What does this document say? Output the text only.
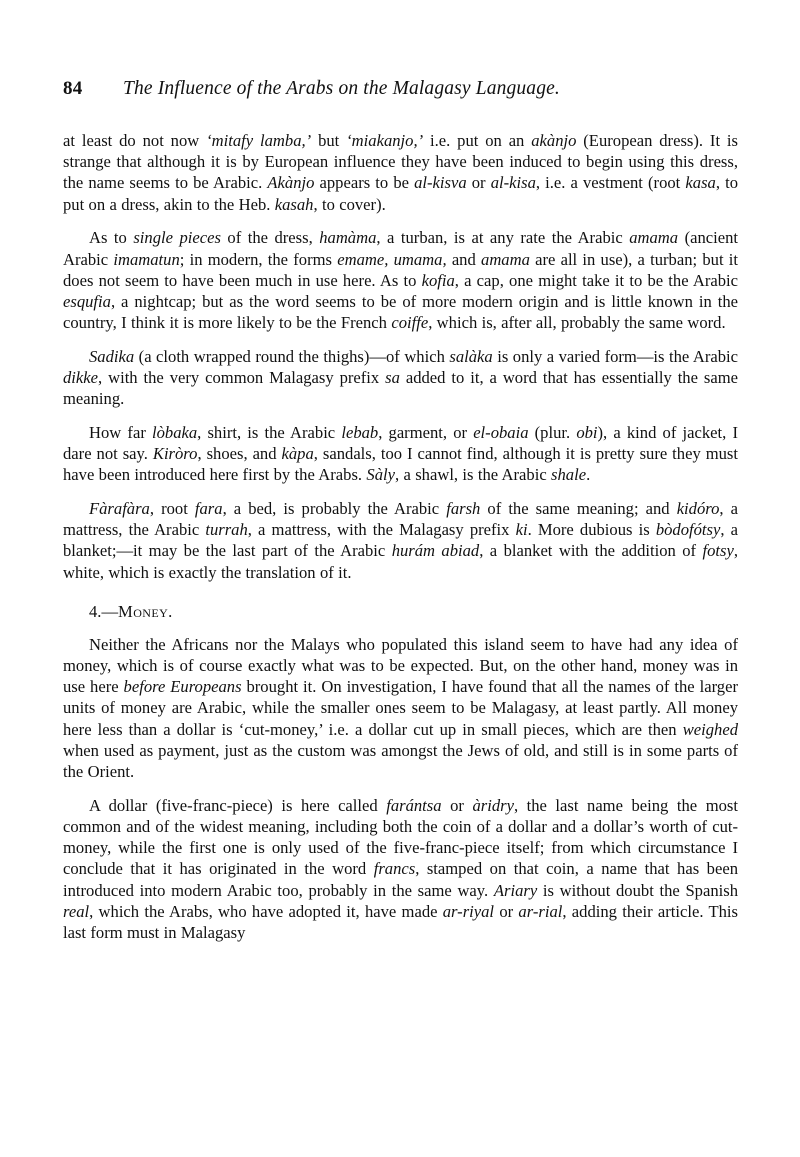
84	The Influence of the Arabs on the Malagasy Language.

at least do not now ‘mitafy lamba,’ but ‘miakanjo,’ i.e. put on an akànjo (European dress). It is strange that although it is by European influence they have been induced to begin using this dress, the name seems to be Arabic. Akànjo appears to be al-kisva or al-kisa, i.e. a vestment (root kasa, to put on a dress, akin to the Heb. kasah, to cover).

As to single pieces of the dress, hamàma, a turban, is at any rate the Arabic amama (ancient Arabic imamatun; in modern, the forms emame, umama, and amama are all in use), a turban; but it does not seem to have been much in use here. As to kofia, a cap, one might take it to be the Arabic esqufia, a nightcap; but as the word seems to be of more modern origin and is little known in the country, I think it is more likely to be the French coiffe, which is, after all, probably the same word.

Sadika (a cloth wrapped round the thighs)—of which salàka is only a varied form—is the Arabic dikke, with the very common Malagasy prefix sa added to it, a word that has essentially the same meaning.

How far lòbaka, shirt, is the Arabic lebab, garment, or el-obaia (plur. obi), a kind of jacket, I dare not say. Kiròro, shoes, and kàpa, sandals, too I cannot find, although it is pretty sure they must have been introduced here first by the Arabs. Sàly, a shawl, is the Arabic shale.

Fàrafàra, root fara, a bed, is probably the Arabic farsh of the same meaning; and kidóro, a mattress, the Arabic turrah, a mattress, with the Malagasy prefix ki. More dubious is bòdofótsy, a blanket;—it may be the last part of the Arabic hurám abiad, a blanket with the addition of fotsy, white, which is exactly the translation of it.

4.—Money.

Neither the Africans nor the Malays who populated this island seem to have had any idea of money, which is of course exactly what was to be expected. But, on the other hand, money was in use here before Europeans brought it. On investigation, I have found that all the names of the larger units of money are Arabic, while the smaller ones seem to be Malagasy, at least partly. All money here less than a dollar is ‘cut-money,’ i.e. a dollar cut up in small pieces, which are then weighed when used as payment, just as the custom was amongst the Jews of old, and still is in some parts of the Orient.

A dollar (five-franc-piece) is here called farántsa or àridry, the last name being the most common and of the widest meaning, including both the coin of a dollar and a dollar’s worth of cut-money, while the first one is only used of the five-franc-piece itself; from which circumstance I conclude that it has originated in the word francs, stamped on that coin, a name that has been introduced into modern Arabic too, probably in the same way. Ariary is without doubt the Spanish real, which the Arabs, who have adopted it, have made ar-riyal or ar-rial, adding their article. This last form must in Malagasy
